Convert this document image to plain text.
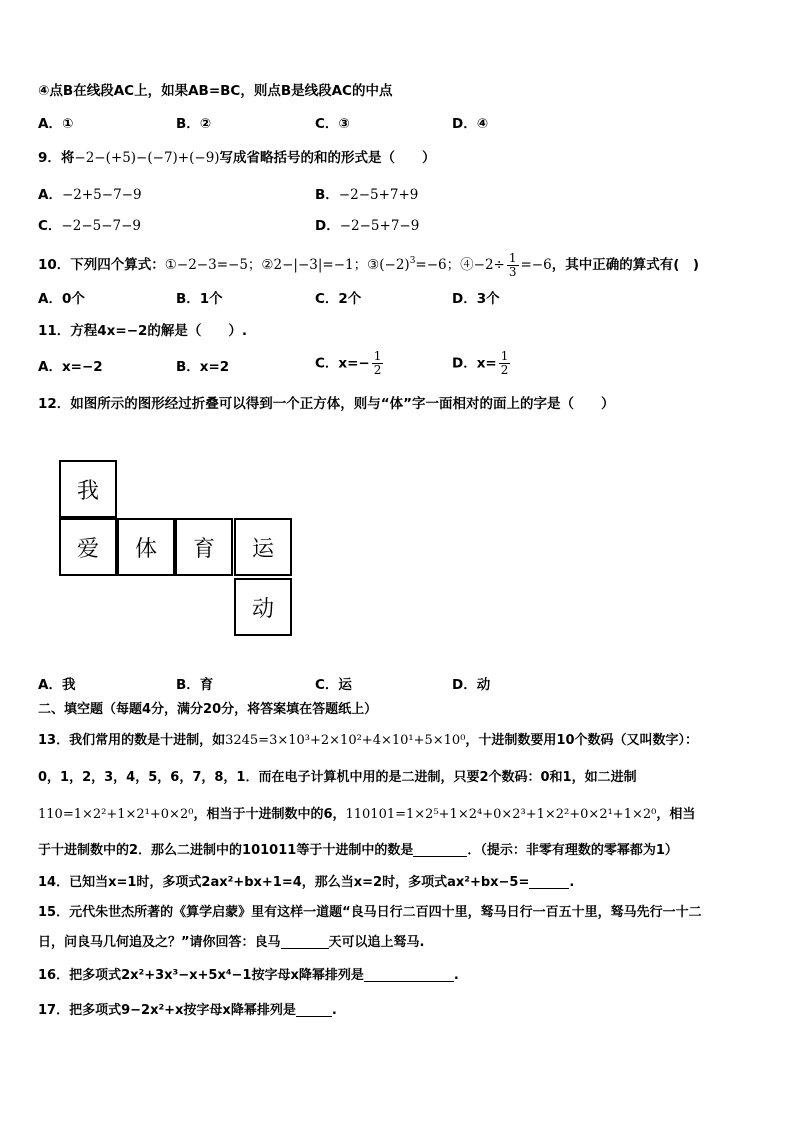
④点B在线段AC上，如果AB=BC，则点B是线段AC的中点
A．①	B．②	C．③	D．④
9．将−2−(+5)−(−7)+(−9)写成省略括号的和的形式是（　　）
A．−2+5−7−9	B．−2−5+7+9
C．−2−5−7−9	D．−2−5+7−9
10．下列四个算式：①−2−3=−5；②2−|−3|=−1；$③(-2)^3=-6$；④−2÷ $\frac{1}{3} =-6$，其中正确的算式有(　)
A．0个	B．1个	C．2个	D．3个
11．方程4x=−2的解是（　　）.
A．x=−2	B．x=2	C．$x=- \frac{1}{2}$	D．$x= \frac{1}{2}$
12．如图所示的图形经过折叠可以得到一个正方体，则与“体”字一面相对的面上的字是（　　）
我
爱	体	育	运
动
A．我	B．育	C．运	D．动
二、填空题（每题4分，满分20分，将答案填在答题纸上）
13．我们常用的数是十进制，如3245=3×10³+2×10²+4×10¹+5×10⁰，十进制数要用10个数码（又叫数字）：
0，1，2，3，4，5，6，7，8，1．而在电子计算机中用的是二进制，只要2个数码：0和1，如二进制
110=1×2²+1×2¹+0×2⁰，相当于十进制数中的6，110101=1×2⁵+1×2⁴+0×2³+1×2²+0×2¹+1×2⁰，相当
于十进制数中的2．那么二进制中的101011等于十进制中的数是	．（提示：非零有理数的零幂都为1）
14．已知当x=1时，多项式2ax²+bx+1=4，那么当x=2时，多项式ax²+bx−5=	.
15．元代朱世杰所著的《算学启蒙》里有这样一道题“良马日行二百四十里，驽马日行一百五十里，驽马先行一十二
日，问良马几何追及之？”请你回答：良马	天可以追上驽马.
16．把多项式2x²+3x³−x+5x⁴−1按字母x降幂排列是	.
17．把多项式9−2x²+x按字母x降幂排列是	.
